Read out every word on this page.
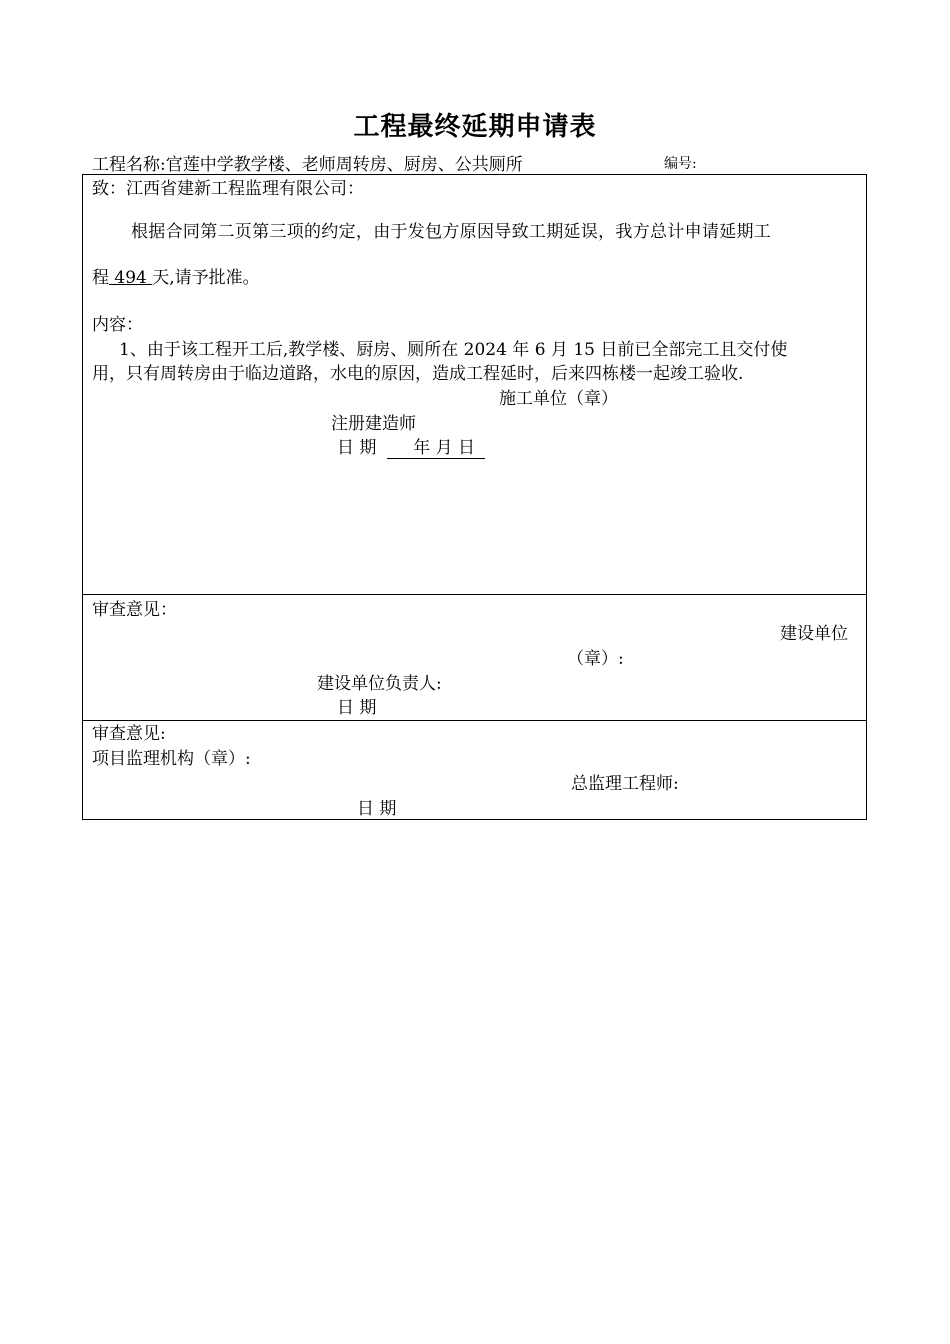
工程最终延期申请表
工程名称:官莲中学教学楼、老师周转房、厨房、公共厕所	编号:
致：江西省建新工程监理有限公司：
根据合同第二页第三项的约定，由于发包方原因导致工期延误，我方总计申请延期工
程 494 天,请予批准。
内容：
1、由于该工程开工后,教学楼、厨房、厕所在 2024 年 6 月 15 日前已全部完工且交付使
用，只有周转房由于临边道路，水电的原因，造成工程延时，后来四栋楼一起竣工验收.
施工单位（章）
注册建造师
日 期 年 月 日
审查意见：
建设单位
（章）:
建设单位负责人:
日 期
审查意见:
项目监理机构（章）:
总监理工程师:
日 期
